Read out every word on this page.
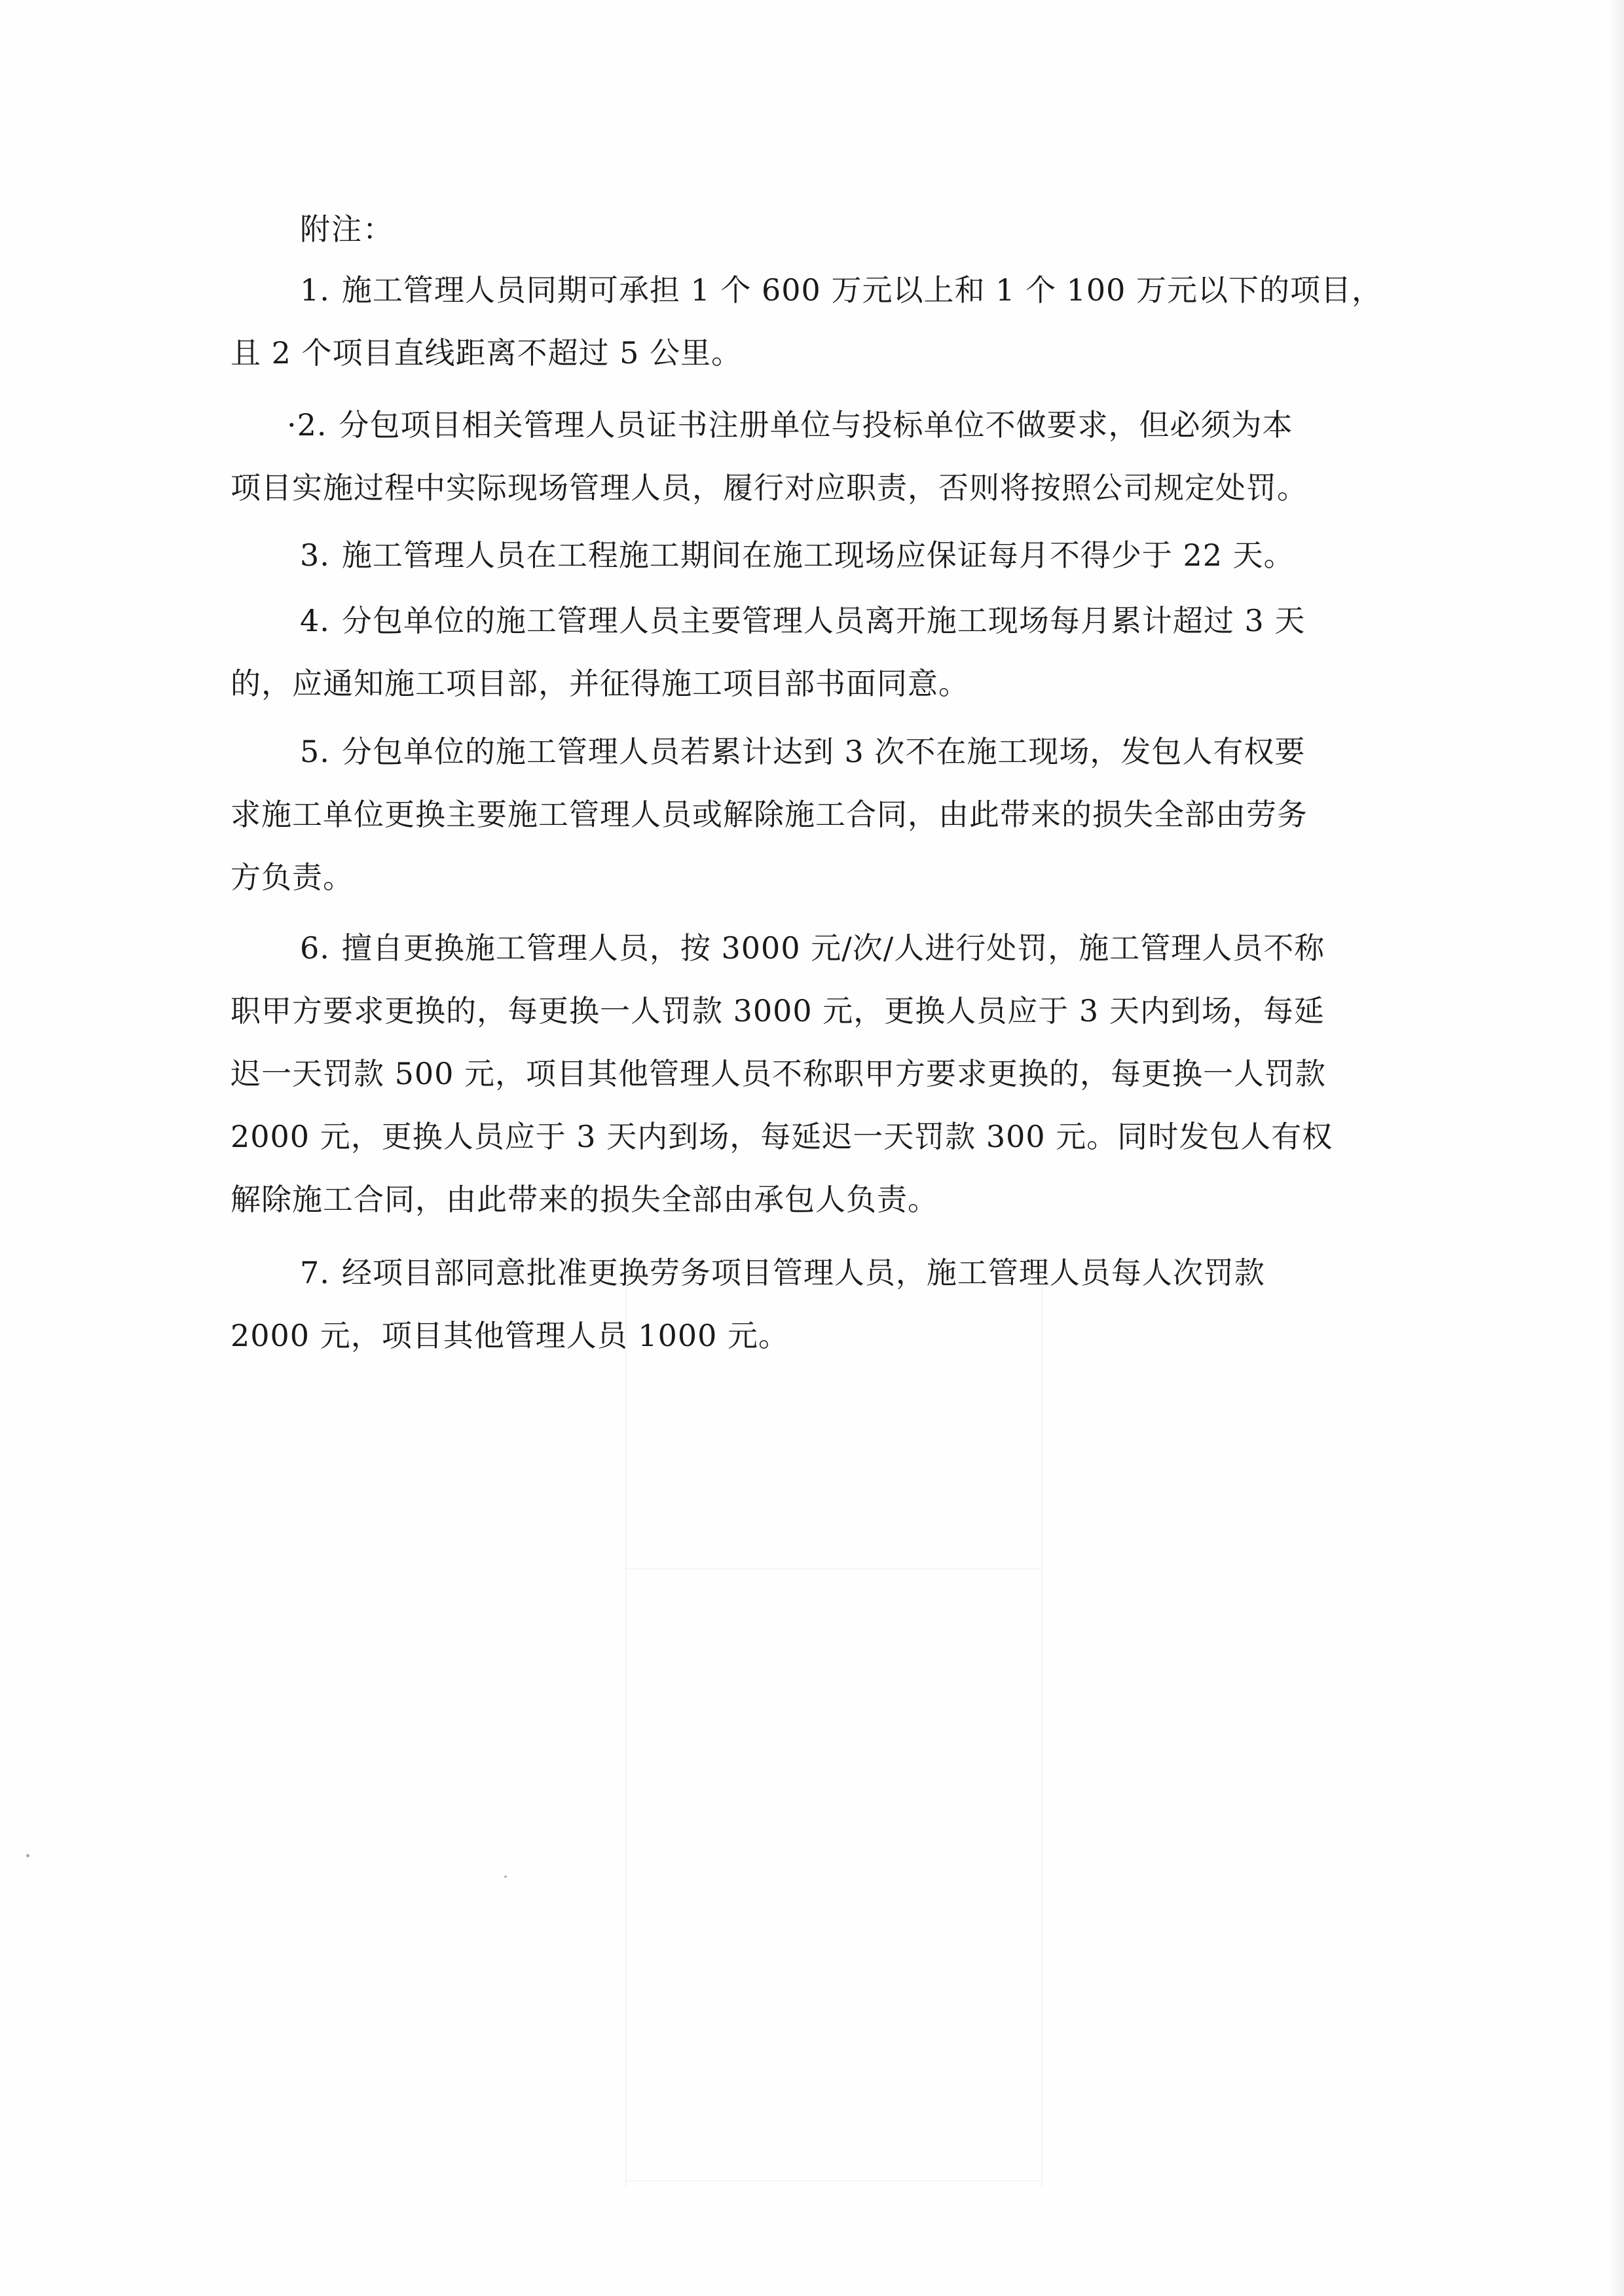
附注：
1. 施工管理人员同期可承担 1 个 600 万元以上和 1 个 100 万元以下的项目，
且 2 个项目直线距离不超过 5 公里。
·2. 分包项目相关管理人员证书注册单位与投标单位不做要求，但必须为本
项目实施过程中实际现场管理人员，履行对应职责，否则将按照公司规定处罚。
3. 施工管理人员在工程施工期间在施工现场应保证每月不得少于 22 天。
4. 分包单位的施工管理人员主要管理人员离开施工现场每月累计超过 3 天
的，应通知施工项目部，并征得施工项目部书面同意。
5. 分包单位的施工管理人员若累计达到 3 次不在施工现场，发包人有权要
求施工单位更换主要施工管理人员或解除施工合同，由此带来的损失全部由劳务
方负责。
6. 擅自更换施工管理人员，按 3000 元/次/人进行处罚，施工管理人员不称
职甲方要求更换的，每更换一人罚款 3000 元，更换人员应于 3 天内到场，每延
迟一天罚款 500 元，项目其他管理人员不称职甲方要求更换的，每更换一人罚款
2000 元，更换人员应于 3 天内到场，每延迟一天罚款 300 元。同时发包人有权
解除施工合同，由此带来的损失全部由承包人负责。
7. 经项目部同意批准更换劳务项目管理人员，施工管理人员每人次罚款
2000 元，项目其他管理人员 1000 元。
